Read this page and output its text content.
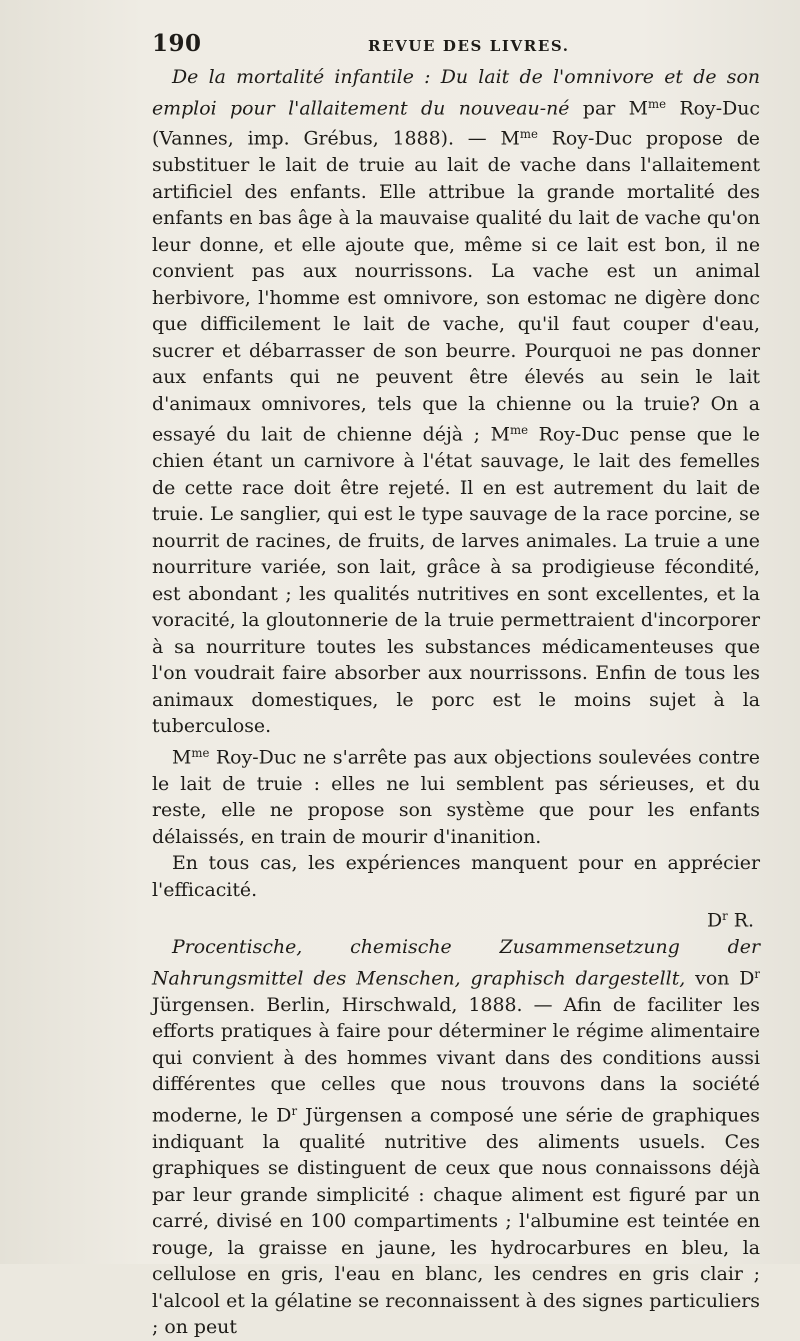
190	REVUE DES LIVRES.

De la mortalité infantile : Du lait de l'omnivore et de son emploi pour l'allaitement du nouveau-né par $M^{me}$ Roy-Duc (Vannes, imp. Grébus, 1888). — $M^{me}$ Roy-Duc propose de substituer le lait de truie au lait de vache dans l'allaitement artificiel des enfants. Elle attribue la grande mortalité des enfants en bas âge à la mauvaise qualité du lait de vache qu'on leur donne, et elle ajoute que, même si ce lait est bon, il ne convient pas aux nourrissons. La vache est un animal herbivore, l'homme est omnivore, son estomac ne digère donc que difficilement le lait de vache, qu'il faut couper d'eau, sucrer et débarrasser de son beurre. Pourquoi ne pas donner aux enfants qui ne peuvent être élevés au sein le lait d'animaux omnivores, tels que la chienne ou la truie? On a essayé du lait de chienne déjà ; $M^{me}$ Roy-Duc pense que le chien étant un carnivore à l'état sauvage, le lait des femelles de cette race doit être rejeté. Il en est autrement du lait de truie. Le sanglier, qui est le type sauvage de la race porcine, se nourrit de racines, de fruits, de larves animales. La truie a une nourriture variée, son lait, grâce à sa prodigieuse fécondité, est abondant ; les qualités nutritives en sont excellentes, et la voracité, la gloutonnerie de la truie permettraient d'incorporer à sa nourriture toutes les substances médicamenteuses que l'on voudrait faire absorber aux nourrissons. Enfin de tous les animaux domestiques, le porc est le moins sujet à la tuberculose.

$M^{me}$ Roy-Duc ne s'arrête pas aux objections soulevées contre le lait de truie : elles ne lui semblent pas sérieuses, et du reste, elle ne propose son système que pour les enfants délaissés, en train de mourir d'inanition.

En tous cas, les expériences manquent pour en apprécier l'efficacité.
$D^r$ R.

Procentische, chemische Zusammensetzung der Nahrungsmittel des Menschen, graphisch dargestellt, von $D^r$ Jürgensen. Berlin, Hirschwald, 1888. — Afin de faciliter les efforts pratiques à faire pour déterminer le régime alimentaire qui convient à des hommes vivant dans des conditions aussi différentes que celles que nous trouvons dans la société moderne, le $D^r$ Jürgensen a composé une série de graphiques indiquant la qualité nutritive des aliments usuels. Ces graphiques se distinguent de ceux que nous connaissons déjà par leur grande simplicité : chaque aliment est figuré par un carré, divisé en 100 compartiments ; l'albumine est teintée en rouge, la graisse en jaune, les hydrocarbures en bleu, la cellulose en gris, l'eau en blanc, les cendres en gris clair ; l'alcool et la gélatine se reconnaissent à des signes particuliers ; on peut
